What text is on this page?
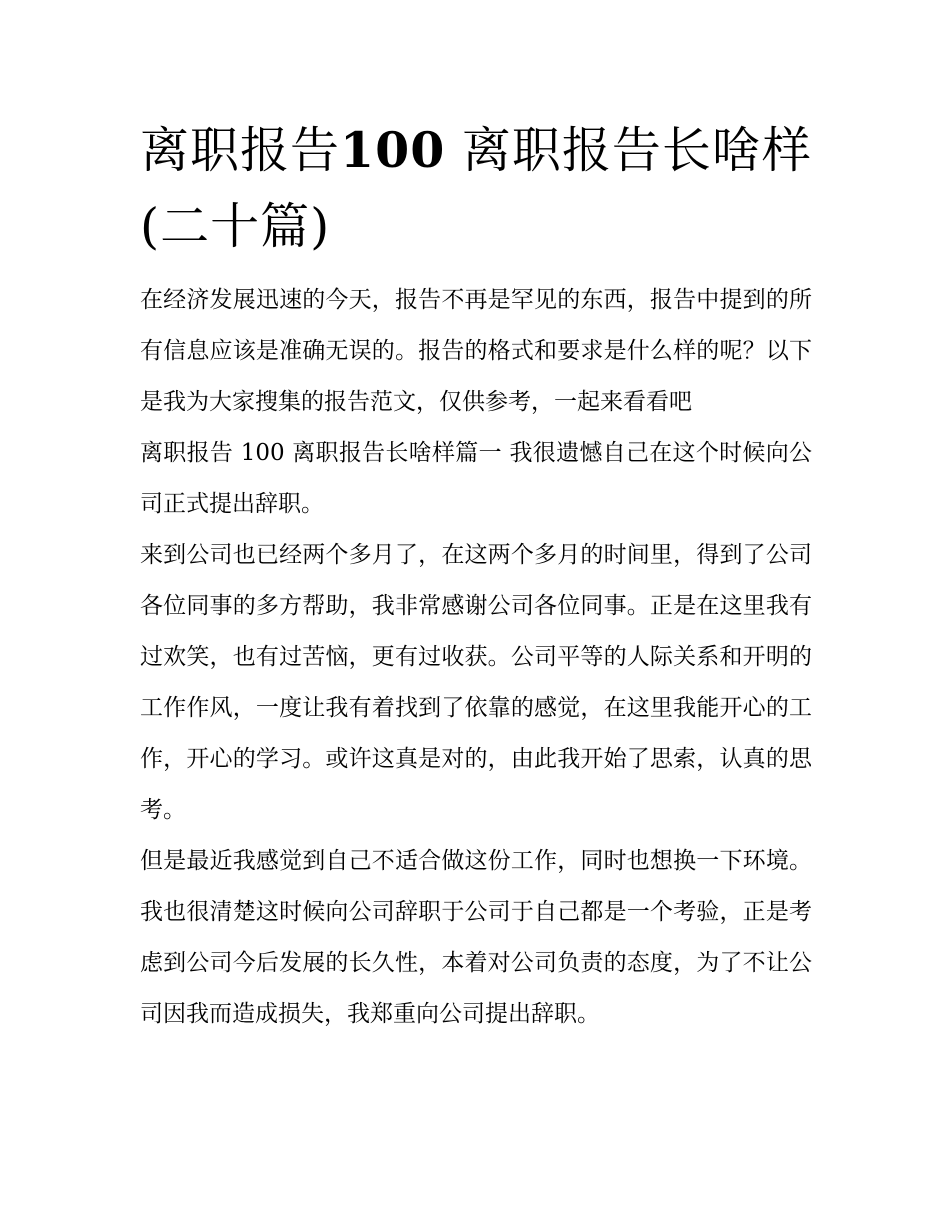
离职报告100 离职报告长啥样
(二十篇)

在经济发展迅速的今天，报告不再是罕见的东西，报告中提到的所有信息应该是准确无误的。报告的格式和要求是什么样的呢？以下是我为大家搜集的报告范文，仅供参考，一起来看看吧

离职报告 100 离职报告长啥样篇一 我很遗憾自己在这个时候向公司正式提出辞职。

来到公司也已经两个多月了，在这两个多月的时间里，得到了公司各位同事的多方帮助，我非常感谢公司各位同事。正是在这里我有过欢笑，也有过苦恼，更有过收获。公司平等的人际关系和开明的工作作风，一度让我有着找到了依靠的感觉，在这里我能开心的工作，开心的学习。或许这真是对的，由此我开始了思索，认真的思考。

但是最近我感觉到自己不适合做这份工作，同时也想换一下环境。我也很清楚这时候向公司辞职于公司于自己都是一个考验，正是考虑到公司今后发展的长久性，本着对公司负责的态度，为了不让公司因我而造成损失，我郑重向公司提出辞职。
